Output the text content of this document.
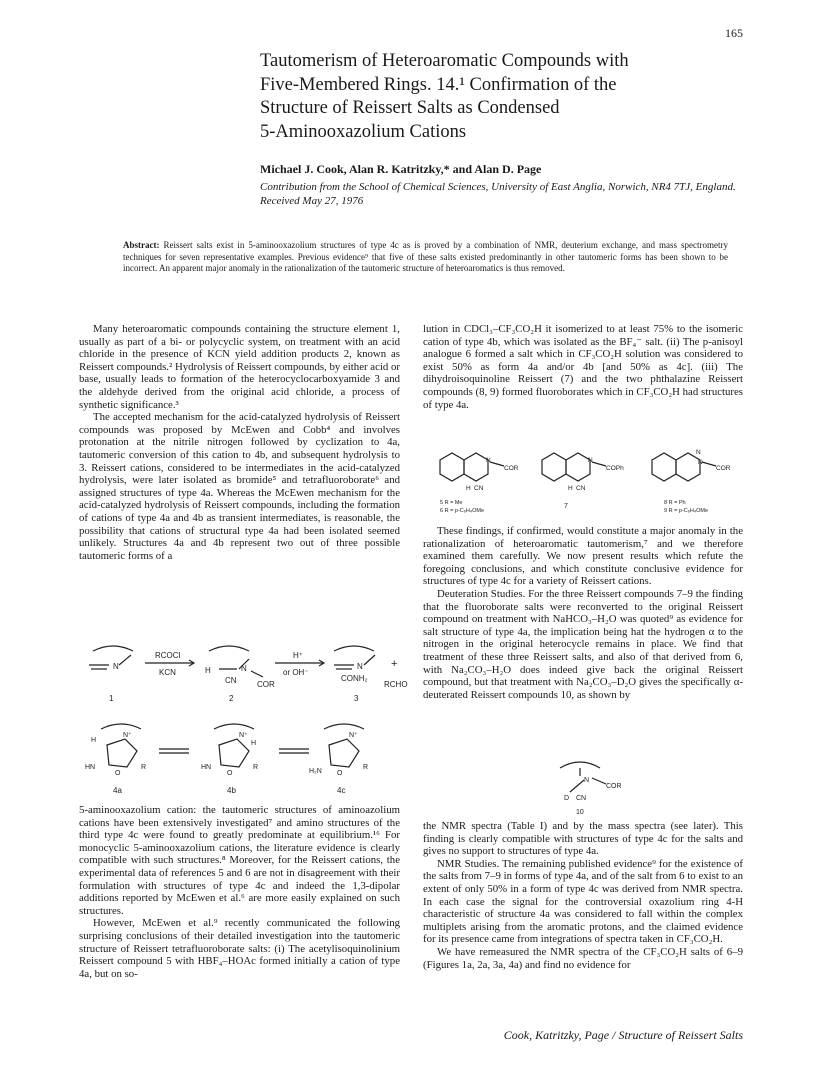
165
Tautomerism of Heteroaromatic Compounds with
Five-Membered Rings. 14.¹ Confirmation of the
Structure of Reissert Salts as Condensed
5-Aminooxazolium Cations
Michael J. Cook, Alan R. Katritzky,* and Alan D. Page
Contribution from the School of Chemical Sciences, University of East Anglia, Norwich, NR4 7TJ, England. Received May 27, 1976
Abstract: Reissert salts exist in 5-aminooxazolium structures of type 4c as is proved by a combination of NMR, deuterium exchange, and mass spectrometry techniques for seven representative examples. Previous evidence⁹ that five of these salts existed predominantly in other tautomeric forms has been shown to be incorrect. An apparent major anomaly in the rationalization of the tautomeric structure of heteroaromatics is thus removed.

Many heteroaromatic compounds containing the structure element 1, usually as part of a bi- or polycyclic system, on treatment with an acid chloride in the presence of KCN yield addition products 2, known as Reissert compounds.² Hydrolysis of Reissert compounds, by either acid or base, usually leads to formation of the heterocyclocarboxyamide 3 and the aldehyde derived from the original acid chloride, a process of synthetic significance.³

The accepted mechanism for the acid-catalyzed hydrolysis of Reissert compounds was proposed by McEwen and Cobb⁴ and involves protonation at the nitrile nitrogen followed by cyclization to 4a, tautomeric conversion of this cation to 4b, and subsequent hydrolysis to 3. Reissert cations, considered to be intermediates in the acid-catalyzed hydrolysis, were later isolated as bromide⁵ and tetrafluoroborate⁶ and assigned structures of type 4a. Whereas the McEwen mechanism for the acid-catalyzed hydrolysis of Reissert compounds, including the formation of cations of type 4a and 4b as transient intermediates, is reasonable, the possibility that cations of structural type 4a had been isolated seemed unlikely. Structures 4a and 4b represent two out of three possible tautomeric forms of a

RCOCl
KCN
H⁺
or OH⁻
+
RCHO
1	2	3
N	H	N
CN	COR
N
CONH₂
H
N⁺
HN
O
R	HN
N⁺
H
O
R
N⁺
H₂N O
R
4a	4b	4c

5-aminooxazolium cation: the tautomeric structures of aminoazolium cations have been extensively investigated⁷ and amino structures of the third type 4c were found to greatly predominate at equilibrium.¹⁶ For monocyclic 5-aminooxazolium cations, the literature evidence is clearly compatible with such structures.⁸ Moreover, for the Reissert cations, the experimental data of references 5 and 6 are not in disagreement with their formulation with structures of type 4c and indeed the 1,3-dipolar additions reported by McEwen et al.⁶ are more easily explained on such structures.

However, McEwen et al.⁹ recently communicated the following surprising conclusions of their detailed investigation into the tautomeric structure of Reissert tetrafluoroborate salts: (i) The acetylisoquinolinium Reissert compound 5 with HBF₄–HOAc formed initially a cation of type 4a, but on so-

lution in CDCl₃–CF₃CO₂H it isomerized to at least 75% to the isomeric cation of type 4b, which was isolated as the BF₄⁻ salt. (ii) The p-anisoyl analogue 6 formed a salt which in CF₃CO₂H solution was considered to exist 50% as form 4a and/or 4b [and 50% as 4c]. (iii) The dihydroisoquinoline Reissert (7) and the two phthalazine Reissert compounds (8, 9) formed fluoroborates which in CF₃CO₂H had structures of type 4a.

N
COR
H CN
N
COPh
H CN
N
N
COR
5 R = Me
6 R = p-C₆H₄OMe
7	8 R = Ph
9 R = p-C₆H₄OMe

These findings, if confirmed, would constitute a major anomaly in the rationalization of heteroaromatic tautomerism,⁷ and we therefore examined them carefully. We now present results which refute the foregoing conclusions, and which constitute conclusive evidence for structures of type 4c for a variety of Reissert cations.

Deuteration Studies. For the three Reissert compounds 7–9 the finding that the fluoroborate salts were reconverted to the original Reissert compound on treatment with NaHCO₃–H₂O was quoted⁹ as evidence for salt structure of type 4a, the implication being hat the hydrogen α to the nitrogen in the original heterocycle remains in place. We find that treatment of these three Reissert salts, and also of that derived from 6, with Na₂CO₃–H₂O does indeed give back the original Reissert compound, but that treatment with Na₂CO₃–D₂O gives the specifically α-deuterated Reissert compounds 10, as shown by

N
COR
D CN
10

the NMR spectra (Table I) and by the mass spectra (see later). This finding is clearly compatible with structures of type 4c for the salts and gives no support to structures of type 4a.

NMR Studies. The remaining published evidence⁹ for the existence of the salts from 7–9 in forms of type 4a, and of the salt from 6 to exist to an extent of only 50% in a form of type 4c was derived from NMR spectra. In each case the signal for the controversial oxazolium ring 4-H characteristic of structure 4a was considered to fall within the complex multiplets arising from the aromatic protons, and the claimed evidence for its presence came from integrations of spectra taken in CF₃CO₂H.

We have remeasured the NMR spectra of the CF₃CO₂H salts of 6–9 (Figures 1a, 2a, 3a, 4a) and find no evidence for

Cook, Katritzky, Page / Structure of Reissert Salts
